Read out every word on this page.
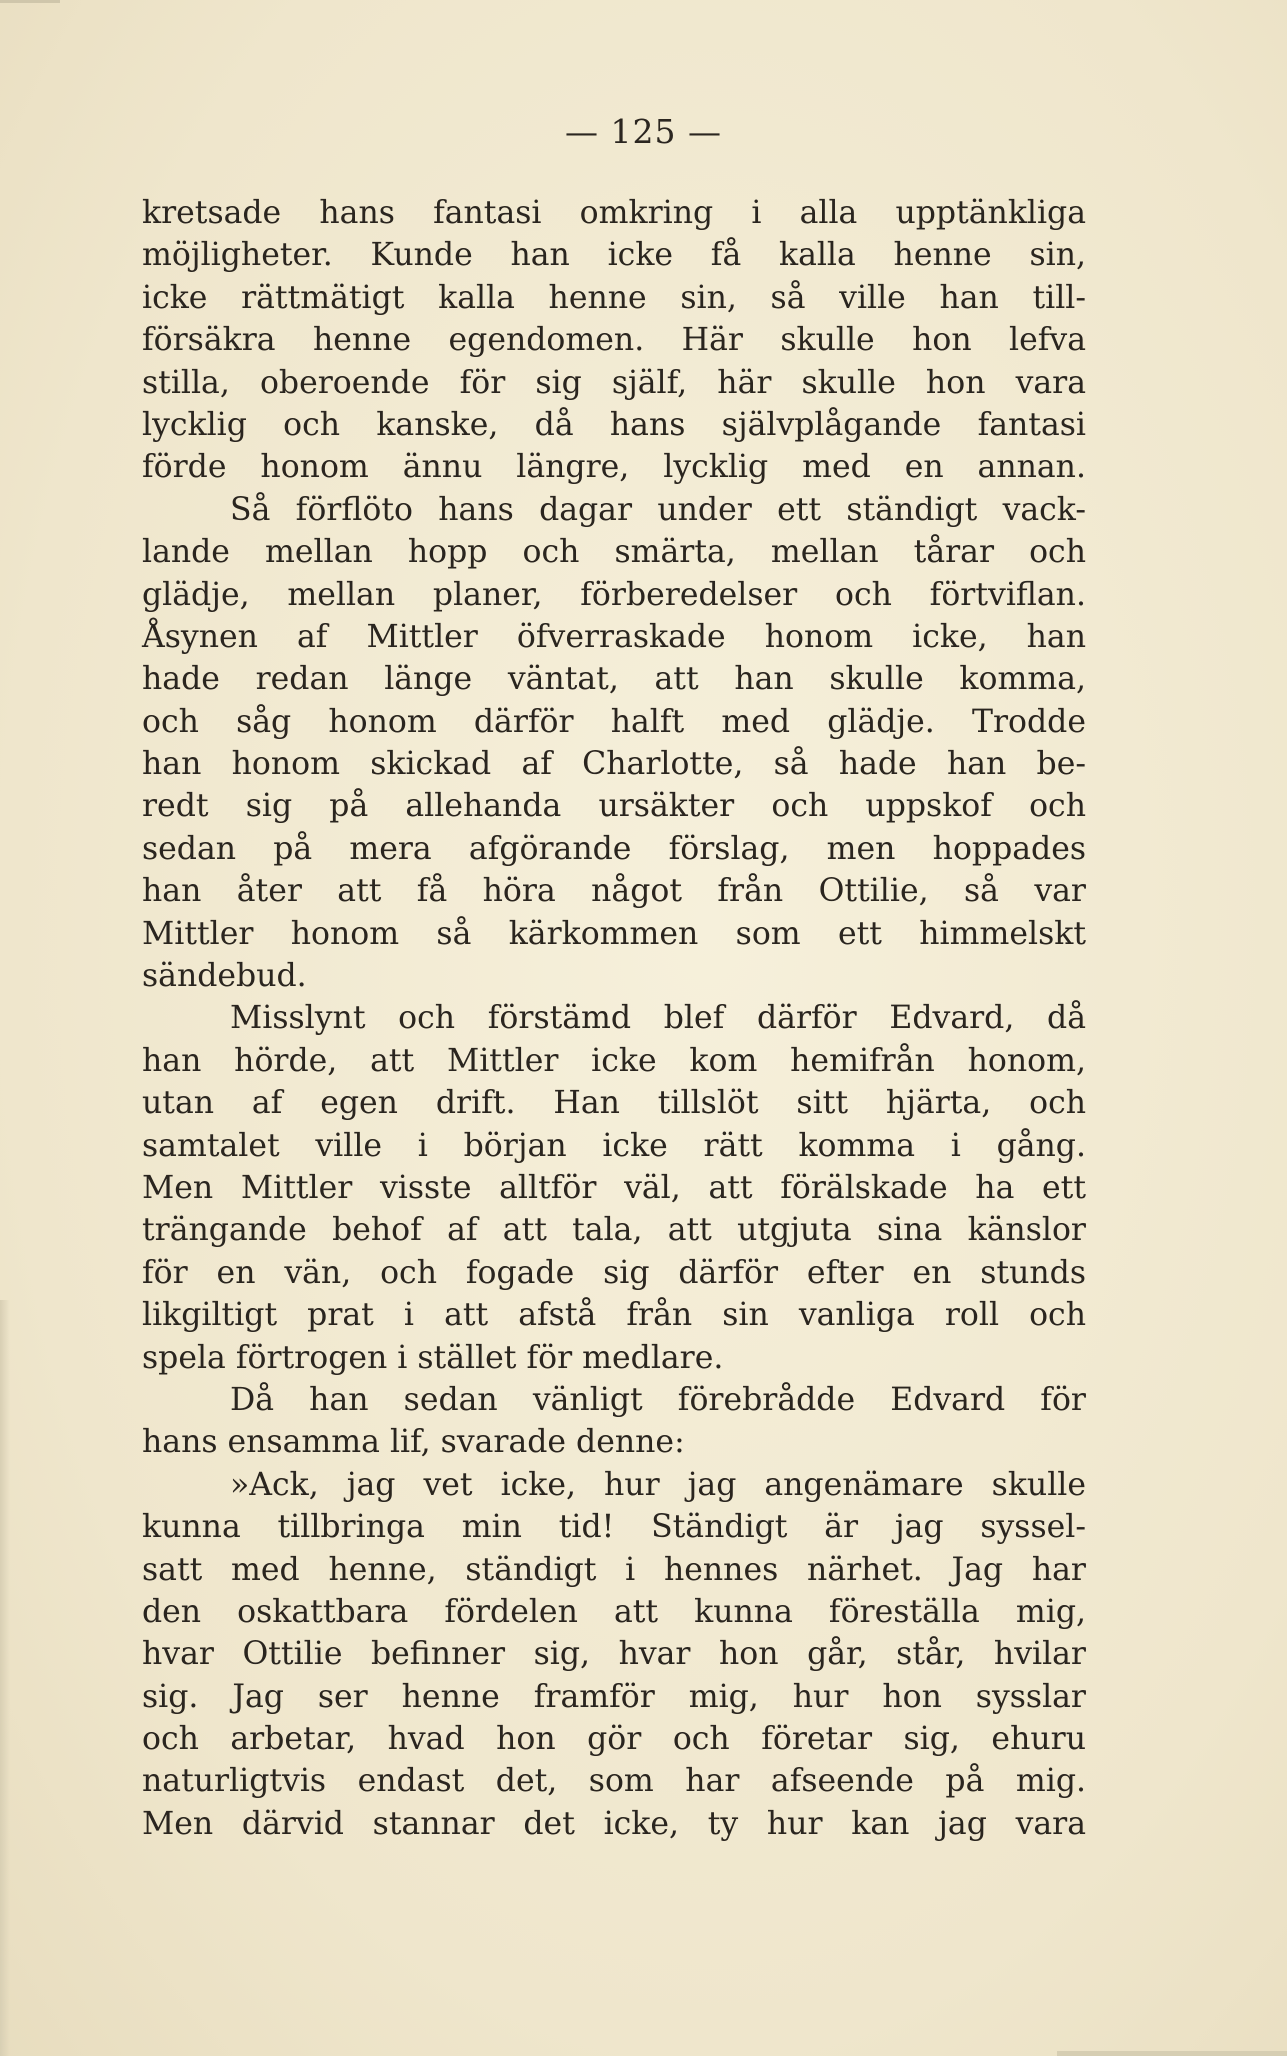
— 125 —

kretsade hans fantasi omkring i alla upptänkliga
möjligheter. Kunde han icke få kalla henne sin,
icke rättmätigt kalla henne sin, så ville han till-
försäkra henne egendomen. Här skulle hon lefva
stilla, oberoende för sig själf, här skulle hon vara
lycklig och kanske, då hans självplågande fantasi
förde honom ännu längre, lycklig med en annan.
Så förflöto hans dagar under ett ständigt vack-
lande mellan hopp och smärta, mellan tårar och
glädje, mellan planer, förberedelser och förtviflan.
Åsynen af Mittler öfverraskade honom icke, han
hade redan länge väntat, att han skulle komma,
och såg honom därför halft med glädje. Trodde
han honom skickad af Charlotte, så hade han be-
redt sig på allehanda ursäkter och uppskof och
sedan på mera afgörande förslag, men hoppades
han åter att få höra något från Ottilie, så var
Mittler honom så kärkommen som ett himmelskt
sändebud.
Misslynt och förstämd blef därför Edvard, då
han hörde, att Mittler icke kom hemifrån honom,
utan af egen drift. Han tillslöt sitt hjärta, och
samtalet ville i början icke rätt komma i gång.
Men Mittler visste alltför väl, att förälskade ha ett
trängande behof af att tala, att utgjuta sina känslor
för en vän, och fogade sig därför efter en stunds
likgiltigt prat i att afstå från sin vanliga roll och
spela förtrogen i stället för medlare.
Då han sedan vänligt förebrådde Edvard för
hans ensamma lif, svarade denne:
»Ack, jag vet icke, hur jag angenämare skulle
kunna tillbringa min tid! Ständigt är jag syssel-
satt med henne, ständigt i hennes närhet. Jag har
den oskattbara fördelen att kunna föreställa mig,
hvar Ottilie befinner sig, hvar hon går, står, hvilar
sig. Jag ser henne framför mig, hur hon sysslar
och arbetar, hvad hon gör och företar sig, ehuru
naturligtvis endast det, som har afseende på mig.
Men därvid stannar det icke, ty hur kan jag vara
